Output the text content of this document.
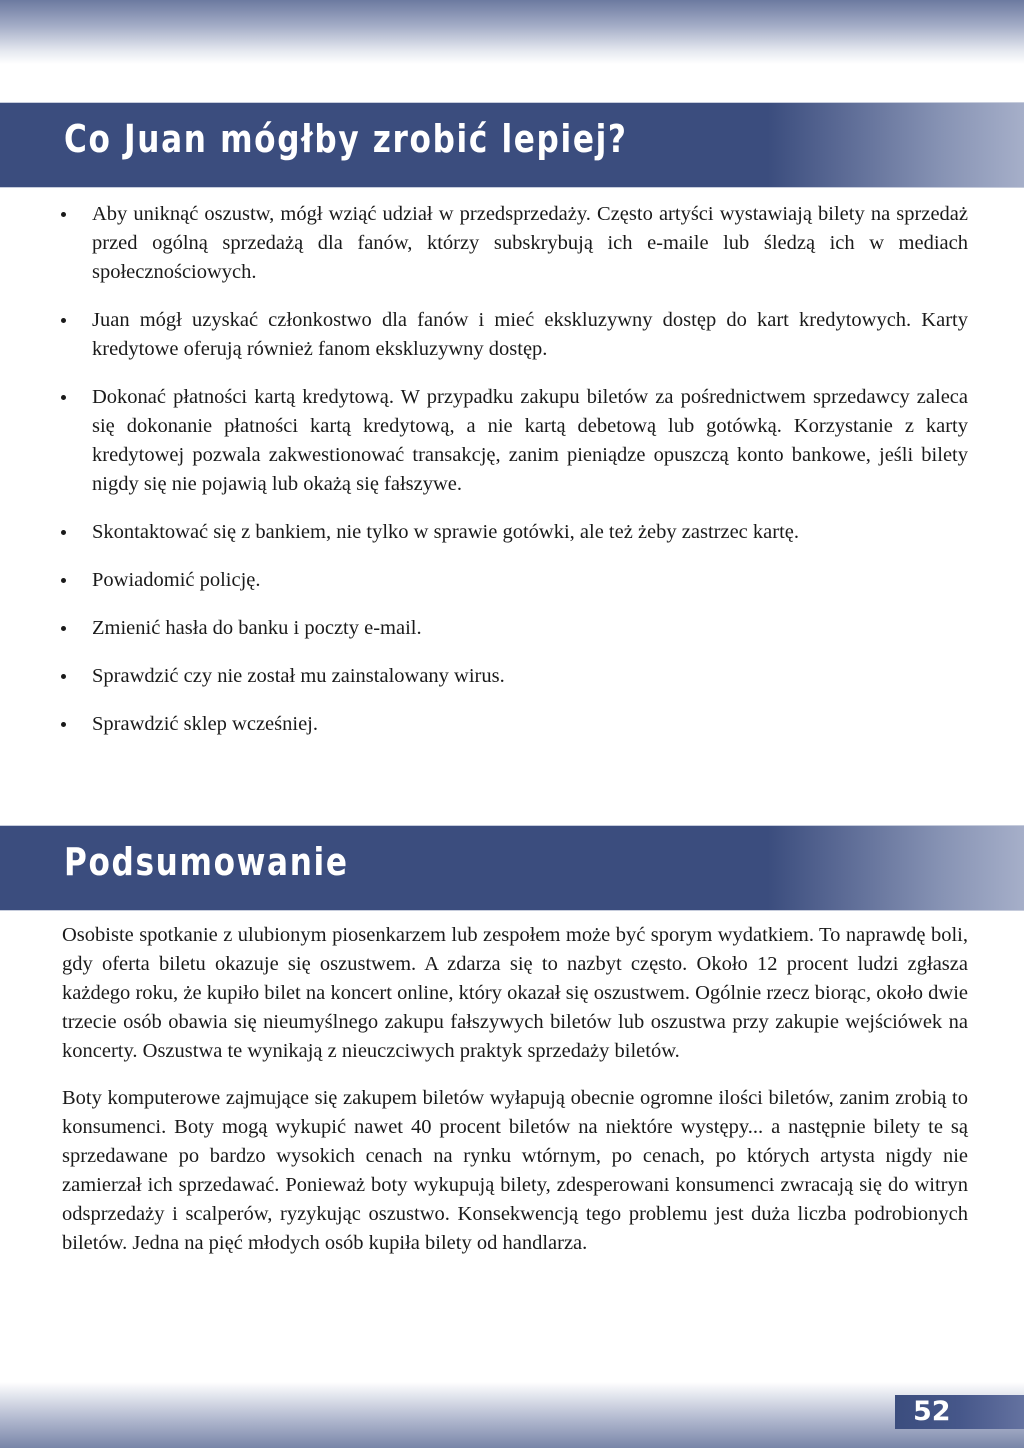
Co Juan mógłby zrobić lepiej?
Aby uniknąć oszustw, mógł wziąć udział w przedsprzedaży. Często artyści wystawiają bilety na sprzedaż przed ogólną sprzedażą dla fanów, którzy subskrybują ich e-maile lub śledzą ich w mediach społecznościowych.
Juan mógł uzyskać członkostwo dla fanów i mieć ekskluzywny dostęp do kart kredytowych. Karty kredytowe oferują również fanom ekskluzywny dostęp.
Dokonać płatności kartą kredytową. W przypadku zakupu biletów za pośrednictwem sprzedawcy zaleca się dokonanie płatności kartą kredytową, a nie kartą debetową lub gotówką. Korzystanie z karty kredytowej pozwala zakwestionować transakcję, zanim pieniądze opuszczą konto bankowe, jeśli bilety nigdy się nie pojawią lub okażą się fałszywe.
Skontaktować się z bankiem, nie tylko w sprawie gotówki, ale też żeby zastrzec kartę.
Powiadomić policję.
Zmienić hasła do banku i poczty e-mail.
Sprawdzić czy nie został mu zainstalowany wirus.
Sprawdzić sklep wcześniej.
Podsumowanie

Osobiste spotkanie z ulubionym piosenkarzem lub zespołem może być sporym wydatkiem. To naprawdę boli, gdy oferta biletu okazuje się oszustwem. A zdarza się to nazbyt często. Około 12 procent ludzi zgłasza każdego roku, że kupiło bilet na koncert online, który okazał się oszustwem. Ogólnie rzecz biorąc, około dwie trzecie osób obawia się nieumyślnego zakupu fałszywych biletów lub oszustwa przy zakupie wejściówek na koncerty. Oszustwa te wynikają z nieuczciwych praktyk sprzedaży biletów.

Boty komputerowe zajmujące się zakupem biletów wyłapują obecnie ogromne ilości biletów, zanim zrobią to konsumenci. Boty mogą wykupić nawet 40 procent biletów na niektóre występy... a następnie bilety te są sprzedawane po bardzo wysokich cenach na rynku wtórnym, po cenach, po których artysta nigdy nie zamierzał ich sprzedawać. Ponieważ boty wykupują bilety, zdesperowani konsumenci zwracają się do witryn odsprzedaży i scalperów, ryzykując oszustwo. Konsekwencją tego problemu jest duża liczba podrobionych biletów. Jedna na pięć młodych osób kupiła bilety od handlarza.

52
